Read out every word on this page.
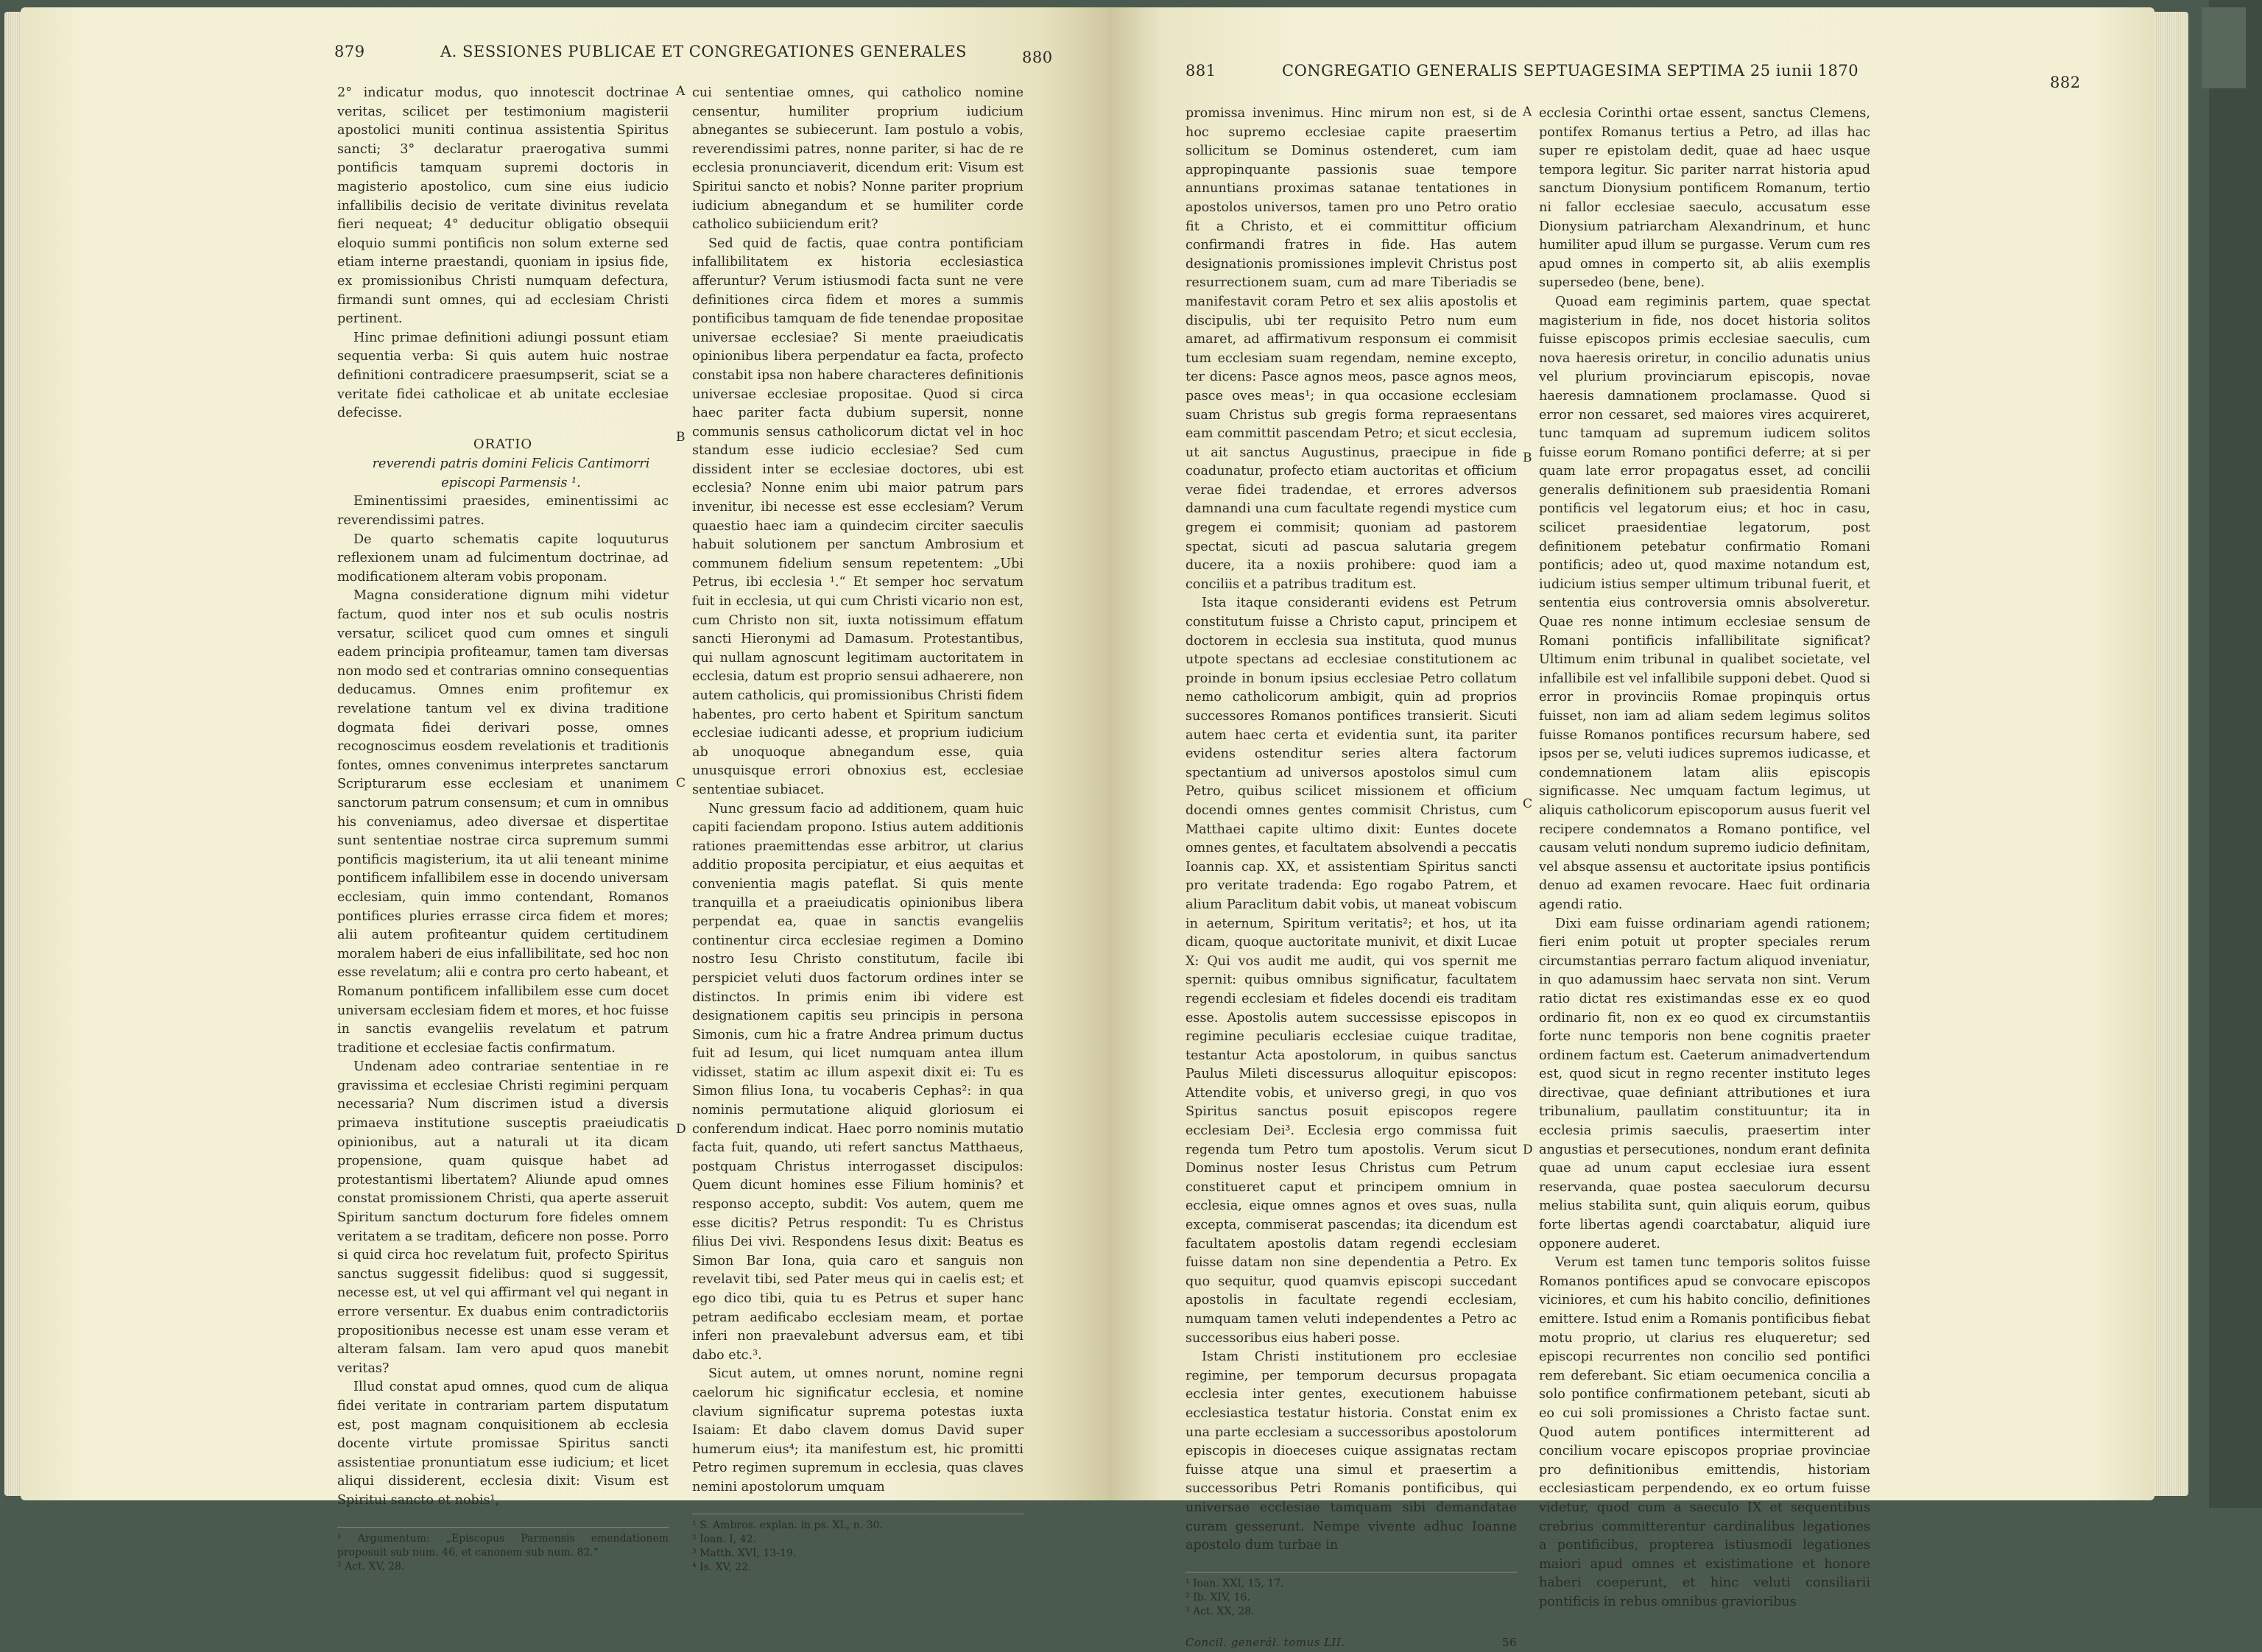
879	A. SESSIONES PUBLICAE ET CONGREGATIONES GENERALES	880

2° indicatur modus, quo innotescit doctrinae veritas, scilicet per testimonium magisterii apostolici muniti continua assistentia Spiritus sancti; 3° declaratur praerogativa summi pontificis tamquam supremi doctoris in magisterio apostolico, cum sine eius iudicio infallibilis decisio de veritate divinitus revelata fieri nequeat; 4° deducitur obligatio obsequii eloquio summi pontificis non solum externe sed etiam interne praestandi, quoniam in ipsius fide, ex promissionibus Christi numquam defectura, firmandi sunt omnes, qui ad ecclesiam Christi pertinent.

Hinc primae definitioni adiungi possunt etiam sequentia verba: Si quis autem huic nostrae definitioni contradicere praesumpserit, sciat se a veritate fidei catholicae et ab unitate ecclesiae defecisse.

ORATIO

reverendi patris domini Felicis Cantimorri

episcopi Parmensis ¹.

Eminentissimi praesides, eminentissimi ac reverendissimi patres.

De quarto schematis capite loquuturus reflexionem unam ad fulcimentum doctrinae, ad modificationem alteram vobis proponam.

Magna consideratione dignum mihi videtur factum, quod inter nos et sub oculis nostris versatur, scilicet quod cum omnes et singuli eadem principia profiteamur, tamen tam diversas non modo sed et contrarias omnino consequentias deducamus. Omnes enim profitemur ex revelatione tantum vel ex divina traditione dogmata fidei derivari posse, omnes recognoscimus eosdem revelationis et traditionis fontes, omnes convenimus interpretes sanctarum Scripturarum esse ecclesiam et unanimem sanctorum patrum consensum; et cum in omnibus his conveniamus, adeo diversae et dispertitae sunt sententiae nostrae circa supremum summi pontificis magisterium, ita ut alii teneant minime pontificem infallibilem esse in docendo universam ecclesiam, quin immo contendant, Romanos pontifices pluries errasse circa fidem et mores; alii autem profiteantur quidem certitudinem moralem haberi de eius infallibilitate, sed hoc non esse revelatum; alii e contra pro certo habeant, et Romanum pontificem infallibilem esse cum docet universam ecclesiam fidem et mores, et hoc fuisse in sanctis evangeliis revelatum et patrum traditione et ecclesiae factis confirmatum.

Undenam adeo contrariae sententiae in re gravissima et ecclesiae Christi regimini perquam necessaria? Num discrimen istud a diversis primaeva institutione susceptis praeiudicatis opinionibus, aut a naturali ut ita dicam propensione, quam quisque habet ad protestantismi libertatem? Aliunde apud omnes constat promissionem Christi, qua aperte asseruit Spiritum sanctum docturum fore fideles omnem veritatem a se traditam, deficere non posse. Porro si quid circa hoc revelatum fuit, profecto Spiritus sanctus suggessit fidelibus: quod si suggessit, necesse est, ut vel qui affirmant vel qui negant in errore versentur. Ex duabus enim contradictoriis propositionibus necesse est unam esse veram et alteram falsam. Iam vero apud quos manebit veritas?

Illud constat apud omnes, quod cum de aliqua fidei veritate in contrariam partem disputatum est, post magnam conquisitionem ab ecclesia docente virtute promissae Spiritus sancti assistentiae pronuntiatum esse iudicium; et licet aliqui dissiderent, ecclesia dixit: Visum est Spiritui sancto et nobis¹,

¹ Argumentum: „Episcopus Parmensis emendationem proposuit sub num. 46, et canonem sub num. 82.“

² Act. XV, 28.

cui sententiae omnes, qui catholico nomine censentur, humiliter proprium iudicium abnegantes se subiecerunt. Iam postulo a vobis, reverendissimi patres, nonne pariter, si hac de re ecclesia pronunciaverit, dicendum erit: Visum est Spiritui sancto et nobis? Nonne pariter proprium iudicium abnegandum et se humiliter corde catholico subiiciendum erit?

Sed quid de factis, quae contra pontificiam infallibilitatem ex historia ecclesiastica afferuntur? Verum istiusmodi facta sunt ne vere definitiones circa fidem et mores a summis pontificibus tamquam de fide tenendae propositae universae ecclesiae? Si mente praeiudicatis opinionibus libera perpendatur ea facta, profecto constabit ipsa non habere characteres definitionis universae ecclesiae propositae. Quod si circa haec pariter facta dubium supersit, nonne communis sensus catholicorum dictat vel in hoc standum esse iudicio ecclesiae? Sed cum dissident inter se ecclesiae doctores, ubi est ecclesia? Nonne enim ubi maior patrum pars invenitur, ibi necesse est esse ecclesiam? Verum quaestio haec iam a quindecim circiter saeculis habuit solutionem per sanctum Ambrosium et communem fidelium sensum repetentem: „Ubi Petrus, ibi ecclesia ¹.“ Et semper hoc servatum fuit in ecclesia, ut qui cum Christi vicario non est, cum Christo non sit, iuxta notissimum effatum sancti Hieronymi ad Damasum. Protestantibus, qui nullam agnoscunt legitimam auctoritatem in ecclesia, datum est proprio sensui adhaerere, non autem catholicis, qui promissionibus Christi fidem habentes, pro certo habent et Spiritum sanctum ecclesiae iudicanti adesse, et proprium iudicium ab unoquoque abnegandum esse, quia unusquisque errori obnoxius est, ecclesiae sententiae subiacet.

Nunc gressum facio ad additionem, quam huic capiti faciendam propono. Istius autem additionis rationes praemittendas esse arbitror, ut clarius additio proposita percipiatur, et eius aequitas et convenientia magis pateflat. Si quis mente tranquilla et a praeiudicatis opinionibus libera perpendat ea, quae in sanctis evangeliis continentur circa ecclesiae regimen a Domino nostro Iesu Christo constitutum, facile ibi perspiciet veluti duos factorum ordines inter se distinctos. In primis enim ibi videre est designationem capitis seu principis in persona Simonis, cum hic a fratre Andrea primum ductus fuit ad Iesum, qui licet numquam antea illum vidisset, statim ac illum aspexit dixit ei: Tu es Simon filius Iona, tu vocaberis Cephas²: in qua nominis permutatione aliquid gloriosum ei conferendum indicat. Haec porro nominis mutatio facta fuit, quando, uti refert sanctus Matthaeus, postquam Christus interrogasset discipulos: Quem dicunt homines esse Filium hominis? et responso accepto, subdit: Vos autem, quem me esse dicitis? Petrus respondit: Tu es Christus filius Dei vivi. Respondens Iesus dixit: Beatus es Simon Bar Iona, quia caro et sanguis non revelavit tibi, sed Pater meus qui in caelis est; et ego dico tibi, quia tu es Petrus et super hanc petram aedificabo ecclesiam meam, et portae inferi non praevalebunt adversus eam, et tibi dabo etc.³.

Sicut autem, ut omnes norunt, nomine regni caelorum hic significatur ecclesia, et nomine clavium significatur suprema potestas iuxta Isaiam: Et dabo clavem domus David super humerum eius⁴; ita manifestum est, hic promitti Petro regimen supremum in ecclesia, quas claves nemini apostolorum umquam

¹ S. Ambros. explan. in ps. XL, n. 30.

² Ioan. I, 42.

³ Matth. XVI, 13-19.

⁴ Is. XV, 22.

A
B
C
D
881	CONGREGATIO GENERALIS SEPTUAGESIMA SEPTIMA 25 iunii 1870
882

promissa invenimus. Hinc mirum non est, si de hoc supremo ecclesiae capite praesertim sollicitum se Dominus ostenderet, cum iam appropinquante passionis suae tempore annuntians proximas satanae tentationes in apostolos universos, tamen pro uno Petro oratio fit a Christo, et ei committitur officium confirmandi fratres in fide. Has autem designationis promissiones implevit Christus post resurrectionem suam, cum ad mare Tiberiadis se manifestavit coram Petro et sex aliis apostolis et discipulis, ubi ter requisito Petro num eum amaret, ad affirmativum responsum ei commisit tum ecclesiam suam regendam, nemine excepto, ter dicens: Pasce agnos meos, pasce agnos meos, pasce oves meas¹; in qua occasione ecclesiam suam Christus sub gregis forma repraesentans eam committit pascendam Petro; et sicut ecclesia, ut ait sanctus Augustinus, praecipue in fide coadunatur, profecto etiam auctoritas et officium verae fidei tradendae, et errores adversos damnandi una cum facultate regendi mystice cum gregem ei commisit; quoniam ad pastorem spectat, sicuti ad pascua salutaria gregem ducere, ita a noxiis prohibere: quod iam a conciliis et a patribus traditum est.

Ista itaque consideranti evidens est Petrum constitutum fuisse a Christo caput, principem et doctorem in ecclesia sua instituta, quod munus utpote spectans ad ecclesiae constitutionem ac proinde in bonum ipsius ecclesiae Petro collatum nemo catholicorum ambigit, quin ad proprios successores Romanos pontifices transierit. Sicuti autem haec certa et evidentia sunt, ita pariter evidens ostenditur series altera factorum spectantium ad universos apostolos simul cum Petro, quibus scilicet missionem et officium docendi omnes gentes commisit Christus, cum Matthaei capite ultimo dixit: Euntes docete omnes gentes, et facultatem absolvendi a peccatis Ioannis cap. XX, et assistentiam Spiritus sancti pro veritate tradenda: Ego rogabo Patrem, et alium Paraclitum dabit vobis, ut maneat vobiscum in aeternum, Spiritum veritatis²; et hos, ut ita dicam, quoque auctoritate munivit, et dixit Lucae X: Qui vos audit me audit, qui vos spernit me spernit: quibus omnibus significatur, facultatem regendi ecclesiam et fideles docendi eis traditam esse. Apostolis autem successisse episcopos in regimine peculiaris ecclesiae cuique traditae, testantur Acta apostolorum, in quibus sanctus Paulus Mileti discessurus alloquitur episcopos: Attendite vobis, et universo gregi, in quo vos Spiritus sanctus posuit episcopos regere ecclesiam Dei³. Ecclesia ergo commissa fuit regenda tum Petro tum apostolis. Verum sicut Dominus noster Iesus Christus cum Petrum constitueret caput et principem omnium in ecclesia, eique omnes agnos et oves suas, nulla excepta, commiserat pascendas; ita dicendum est facultatem apostolis datam regendi ecclesiam fuisse datam non sine dependentia a Petro. Ex quo sequitur, quod quamvis episcopi succedant apostolis in facultate regendi ecclesiam, numquam tamen veluti independentes a Petro ac successoribus eius haberi posse.

Istam Christi institutionem pro ecclesiae regimine, per temporum decursus propagata ecclesia inter gentes, executionem habuisse ecclesiastica testatur historia. Constat enim ex una parte ecclesiam a successoribus apostolorum episcopis in dioeceses cuique assignatas rectam fuisse atque una simul et praesertim a successoribus Petri Romanis pontificibus, qui universae ecclesiae tamquam sibi demandatae curam gesserunt. Nempe vivente adhuc Ioanne apostolo dum turbae in

¹ Ioan. XXI, 15, 17.

² Ib. XIV, 16.

³ Act. XX, 28.

56
Concil. generál. tomus LII.

ecclesia Corinthi ortae essent, sanctus Clemens, pontifex Romanus tertius a Petro, ad illas hac super re epistolam dedit, quae ad haec usque tempora legitur. Sic pariter narrat historia apud sanctum Dionysium pontificem Romanum, tertio ni fallor ecclesiae saeculo, accusatum esse Dionysium patriarcham Alexandrinum, et hunc humiliter apud illum se purgasse. Verum cum res apud omnes in comperto sit, ab aliis exemplis supersedeo (bene, bene).

Quoad eam regiminis partem, quae spectat magisterium in fide, nos docet historia solitos fuisse episcopos primis ecclesiae saeculis, cum nova haeresis oriretur, in concilio adunatis unius vel plurium provinciarum episcopis, novae haeresis damnationem proclamasse. Quod si error non cessaret, sed maiores vires acquireret, tunc tamquam ad supremum iudicem solitos fuisse eorum Romano pontifici deferre; at si per quam late error propagatus esset, ad concilii generalis definitionem sub praesidentia Romani pontificis vel legatorum eius; et hoc in casu, scilicet praesidentiae legatorum, post definitionem petebatur confirmatio Romani pontificis; adeo ut, quod maxime notandum est, iudicium istius semper ultimum tribunal fuerit, et sententia eius controversia omnis absolveretur. Quae res nonne intimum ecclesiae sensum de Romani pontificis infallibilitate significat? Ultimum enim tribunal in qualibet societate, vel infallibile est vel infallibile supponi debet. Quod si error in provinciis Romae propinquis ortus fuisset, non iam ad aliam sedem legimus solitos fuisse Romanos pontifices recursum habere, sed ipsos per se, veluti iudices supremos iudicasse, et condemnationem latam aliis episcopis significasse. Nec umquam factum legimus, ut aliquis catholicorum episcoporum ausus fuerit vel recipere condemnatos a Romano pontifice, vel causam veluti nondum supremo iudicio definitam, vel absque assensu et auctoritate ipsius pontificis denuo ad examen revocare. Haec fuit ordinaria agendi ratio.

Dixi eam fuisse ordinariam agendi rationem; fieri enim potuit ut propter speciales rerum circumstantias perraro factum aliquod inveniatur, in quo adamussim haec servata non sint. Verum ratio dictat res existimandas esse ex eo quod ordinario fit, non ex eo quod ex circumstantiis forte nunc temporis non bene cognitis praeter ordinem factum est. Caeterum animadvertendum est, quod sicut in regno recenter instituto leges directivae, quae definiant attributiones et iura tribunalium, paullatim constituuntur; ita in ecclesia primis saeculis, praesertim inter angustias et persecutiones, nondum erant definita quae ad unum caput ecclesiae iura essent reservanda, quae postea saeculorum decursu melius stabilita sunt, quin aliquis eorum, quibus forte libertas agendi coarctabatur, aliquid iure opponere auderet.

Verum est tamen tunc temporis solitos fuisse Romanos pontifices apud se convocare episcopos viciniores, et cum his habito concilio, definitiones emittere. Istud enim a Romanis pontificibus fiebat motu proprio, ut clarius res eluqueretur; sed episcopi recurrentes non concilio sed pontifici rem deferebant. Sic etiam oecumenica concilia a solo pontifice confirmationem petebant, sicuti ab eo cui soli promissiones a Christo factae sunt. Quod autem pontifices intermitterent ad concilium vocare episcopos propriae provinciae pro definitionibus emittendis, historiam ecclesiasticam perpendendo, ex eo ortum fuisse videtur, quod cum a saeculo IX et sequentibus crebrius committerentur cardinalibus legationes a pontificibus, propterea istiusmodi legationes maiori apud omnes et existimatione et honore haberi coeperunt, et hinc veluti consiliarii pontificis in rebus omnibus gravioribus

A
B
C
D
